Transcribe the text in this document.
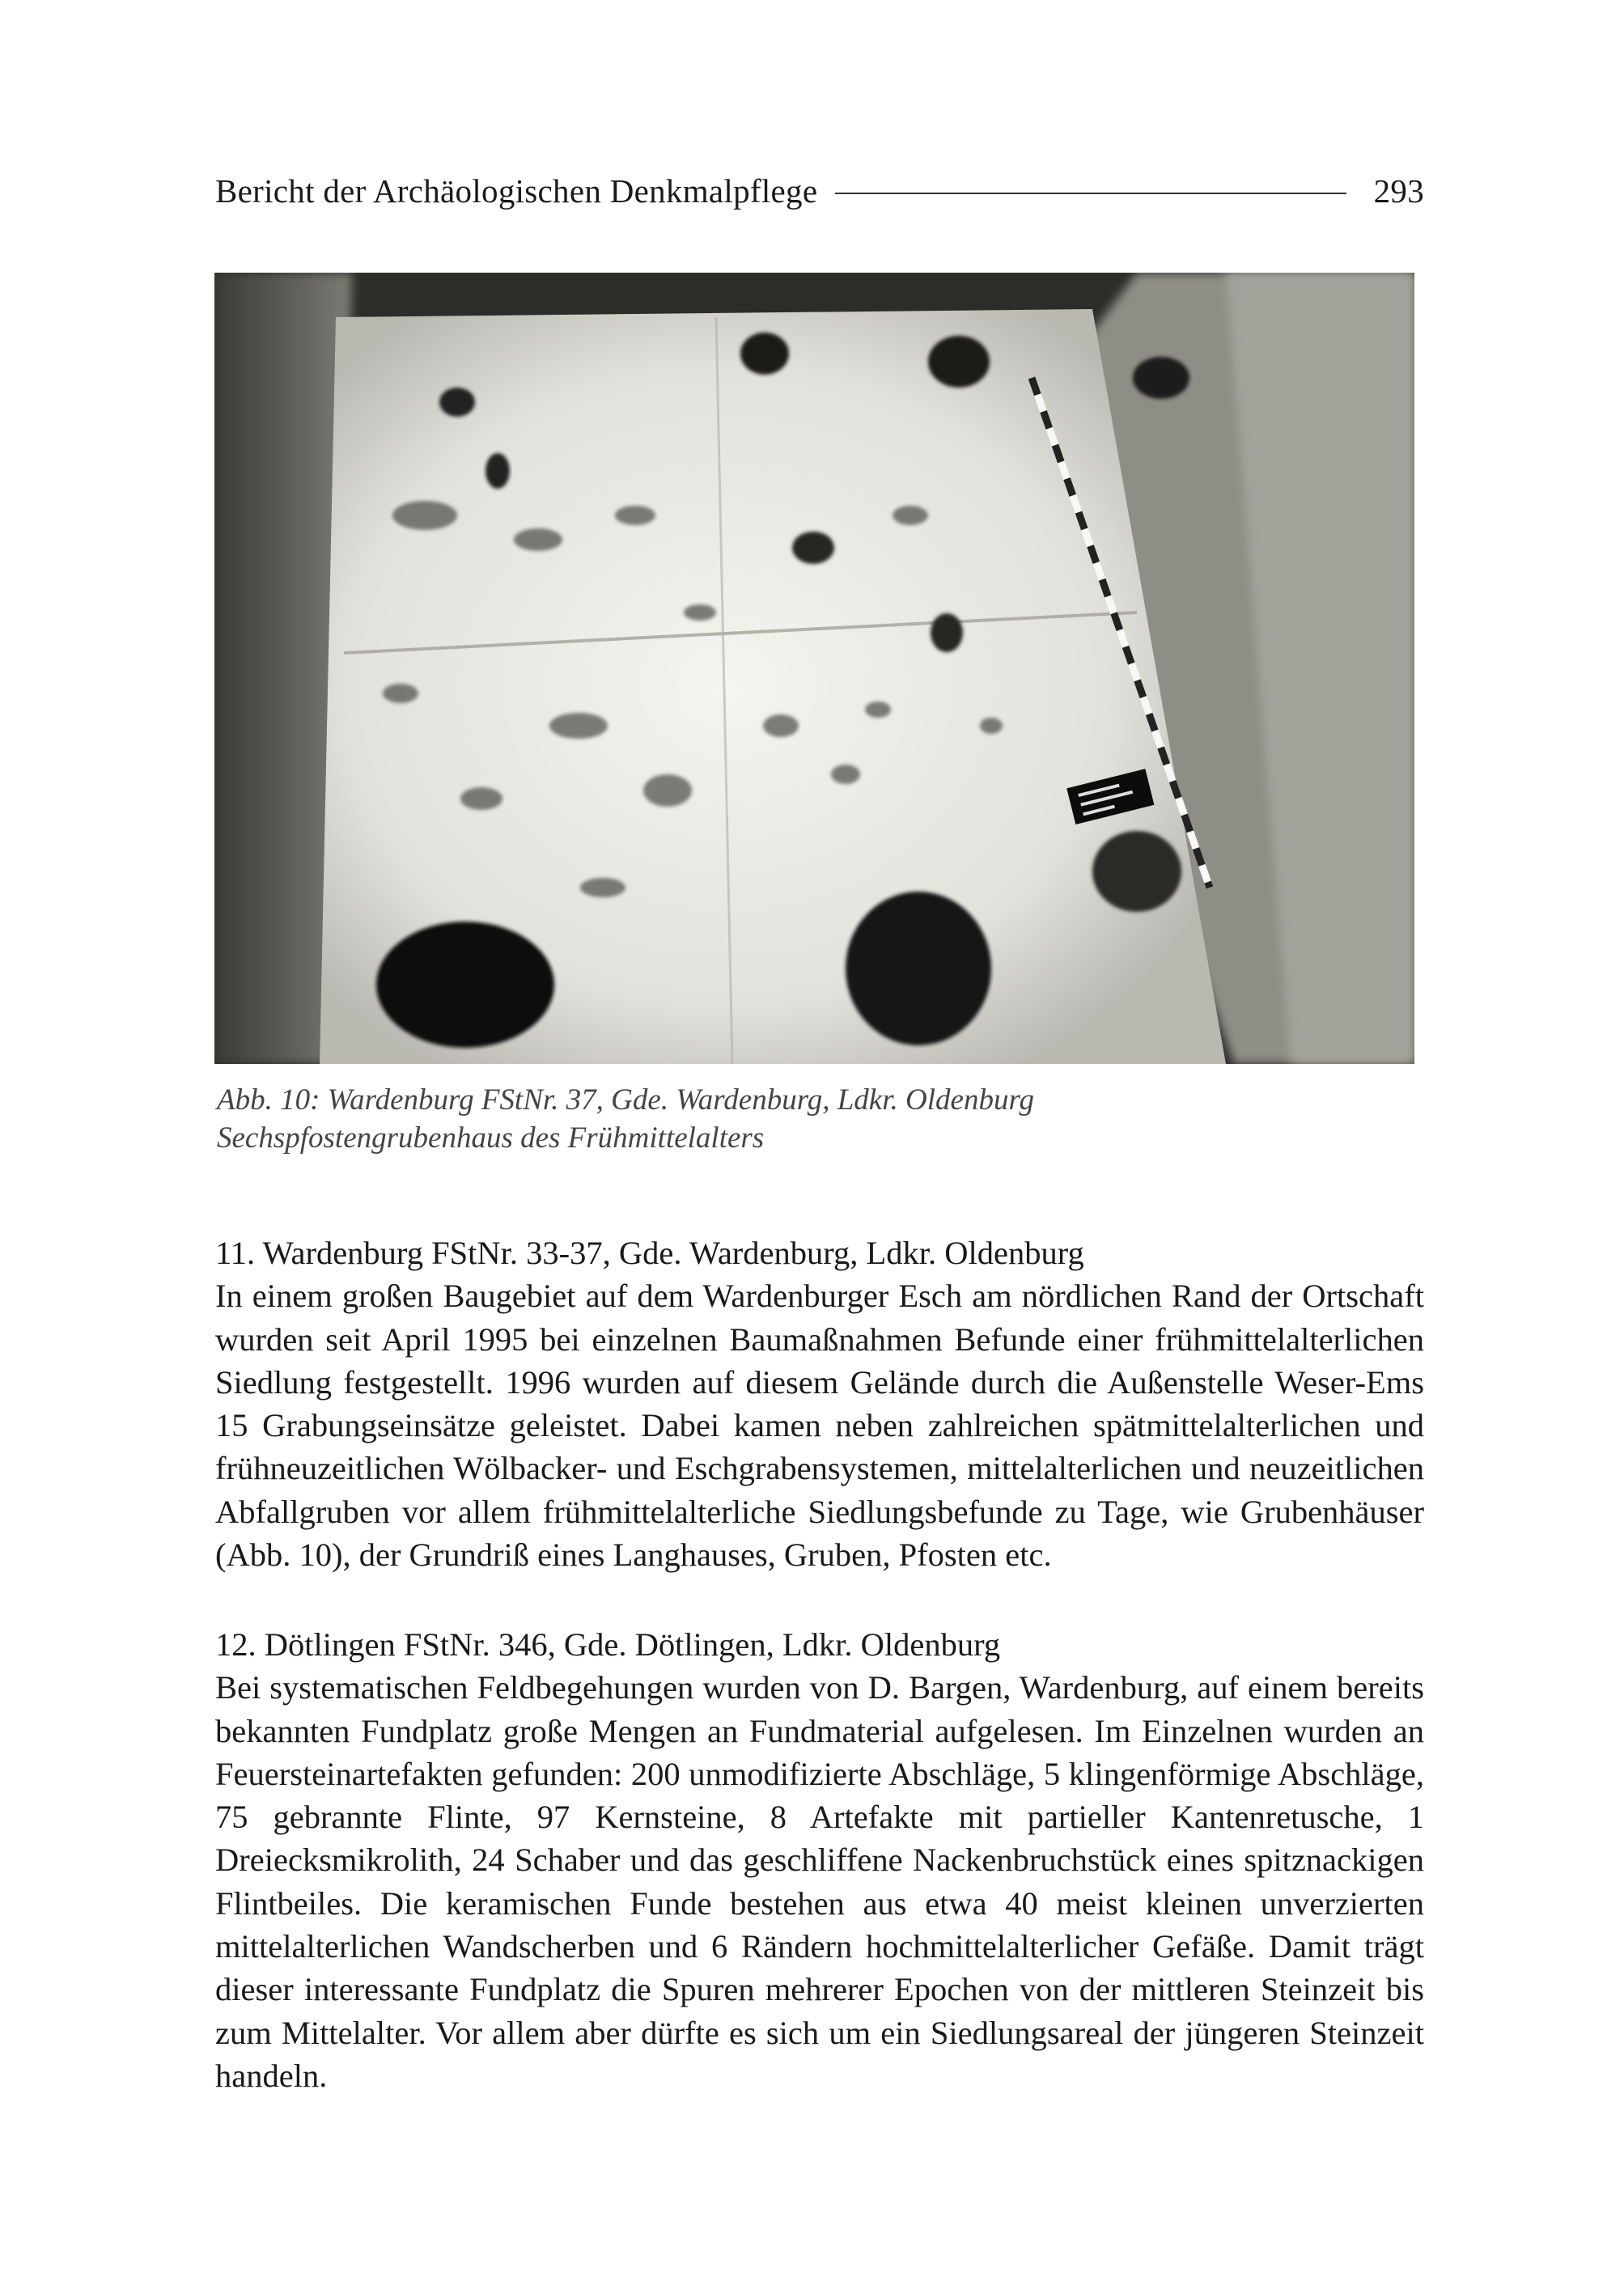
Bericht der Archäologischen Denkmalpflege	293

Abb. 10: Wardenburg FStNr. 37, Gde. Wardenburg, Ldkr. Oldenburg

Sechspfostengrubenhaus des Frühmittelalters

11. Wardenburg FStNr. 33-37, Gde. Wardenburg, Ldkr. Oldenburg

In einem großen Baugebiet auf dem Wardenburger Esch am nördlichen Rand der Ortschaft wurden seit April 1995 bei einzelnen Baumaßnahmen Befunde einer frühmittelalterlichen Siedlung festgestellt. 1996 wurden auf diesem Gelände durch die Außenstelle Weser-Ems 15 Grabungseinsätze geleistet. Dabei kamen neben zahlreichen spätmittelalterlichen und frühneuzeitlichen Wölbacker- und Eschgrabensystemen, mittelalterlichen und neuzeitlichen Abfallgruben vor allem frühmittelalterliche Siedlungsbefunde zu Tage, wie Grubenhäuser (Abb. 10), der Grundriß eines Langhauses, Gruben, Pfosten etc.

12. Dötlingen FStNr. 346, Gde. Dötlingen, Ldkr. Oldenburg

Bei systematischen Feldbegehungen wurden von D. Bargen, Wardenburg, auf einem bereits bekannten Fundplatz große Mengen an Fundmaterial aufgelesen. Im Einzelnen wurden an Feuersteinartefakten gefunden: 200 unmodifizierte Abschläge, 5 klingenförmige Abschläge, 75 gebrannte Flinte, 97 Kernsteine, 8 Artefakte mit partieller Kantenretusche, 1 Dreiecksmikrolith, 24 Schaber und das geschliffene Nackenbruchstück eines spitznackigen Flintbeiles. Die keramischen Funde bestehen aus etwa 40 meist kleinen unverzierten mittelalterlichen Wandscherben und 6 Rändern hochmittelalterlicher Gefäße. Damit trägt dieser interessante Fundplatz die Spuren mehrerer Epochen von der mittleren Steinzeit bis zum Mittelalter. Vor allem aber dürfte es sich um ein Siedlungsareal der jüngeren Steinzeit handeln.
